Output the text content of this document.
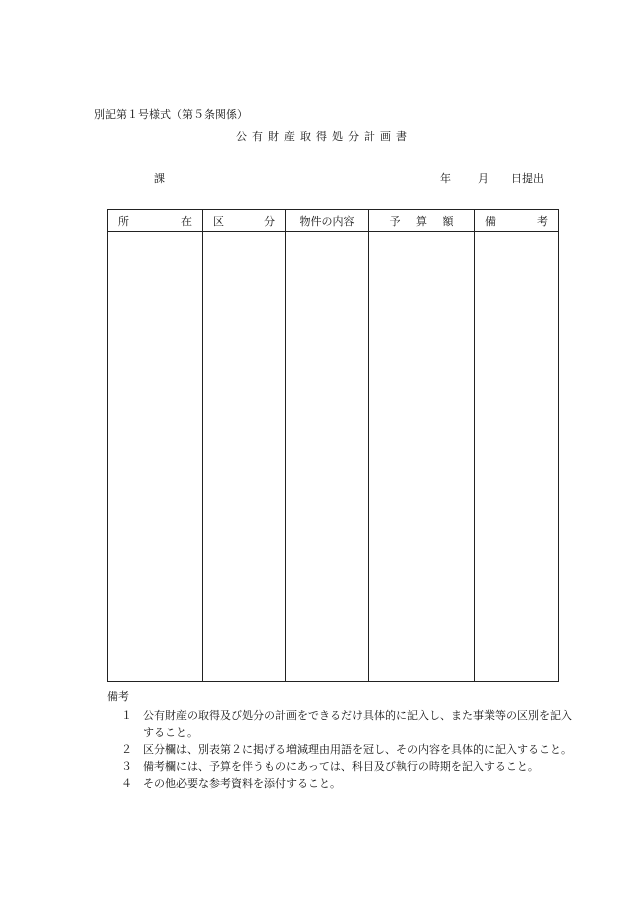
別記第１号様式（第５条関係）
公有財産取得処分計画書
課	年 月 日提出
所 在	区 分	物件の内容	予 算 額	備 考

備考
１	公有財産の取得及び処分の計画をできるだけ具体的に記入し、また事業等の区別を記入すること。
２	区分欄は、別表第２に掲げる増減理由用語を冠し、その内容を具体的に記入すること。
３	備考欄には、予算を伴うものにあっては、科目及び執行の時期を記入すること。
４	その他必要な参考資料を添付すること。
